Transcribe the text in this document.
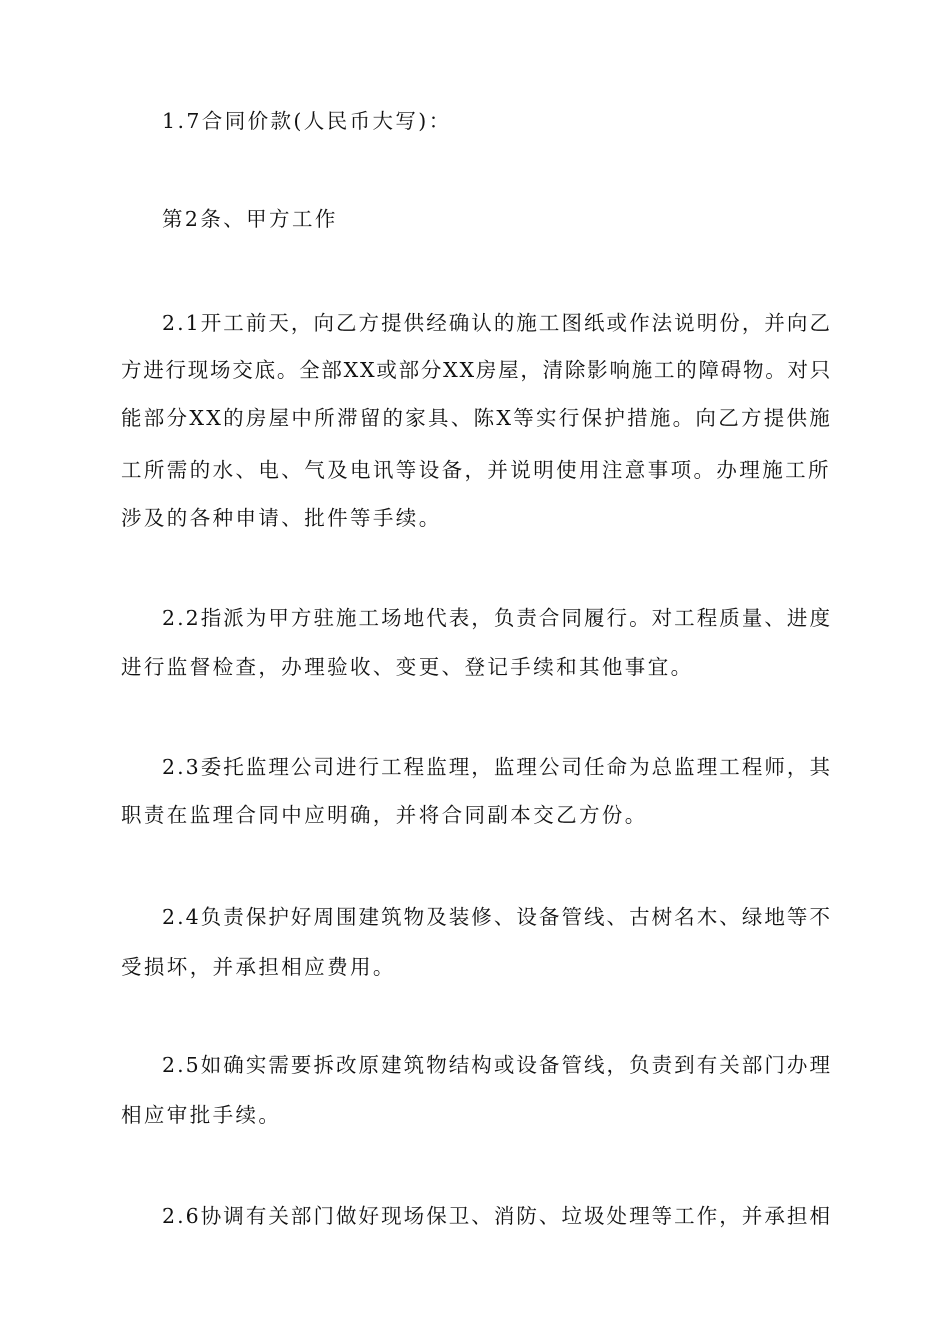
1.7合同价款(人民币大写)：
第2条、甲方工作
2.1开工前天，向乙方提供经确认的施工图纸或作法说明份，并向乙
方进行现场交底。全部XX或部分XX房屋，清除影响施工的障碍物。对只
能部分XX的房屋中所滞留的家具、陈X等实行保护措施。向乙方提供施
工所需的水、电、气及电讯等设备，并说明使用注意事项。办理施工所
涉及的各种申请、批件等手续。
2.2指派为甲方驻施工场地代表，负责合同履行。对工程质量、进度
进行监督检查，办理验收、变更、登记手续和其他事宜。
2.3委托监理公司进行工程监理，监理公司任命为总监理工程师，其
职责在监理合同中应明确，并将合同副本交乙方份。
2.4负责保护好周围建筑物及装修、设备管线、古树名木、绿地等不
受损坏，并承担相应费用。
2.5如确实需要拆改原建筑物结构或设备管线，负责到有关部门办理
相应审批手续。
2.6协调有关部门做好现场保卫、消防、垃圾处理等工作，并承担相
